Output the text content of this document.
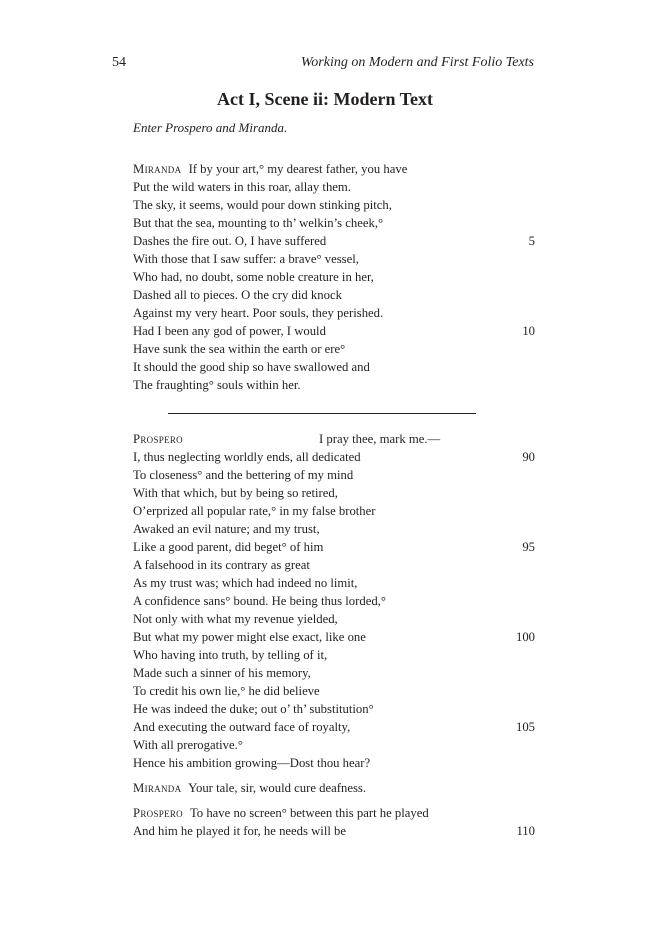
54	Working on Modern and First Folio Texts
Act I, Scene ii: Modern Text

Enter Prospero and Miranda.

Miranda If by your art,° my dearest father, you have
Put the wild waters in this roar, allay them.
The sky, it seems, would pour down stinking pitch,
But that the sea, mounting to th’ welkin’s cheek,°
Dashes the fire out. O, I have suffered	5
With those that I saw suffer: a brave° vessel,
Who had, no doubt, some noble creature in her,
Dashed all to pieces. O the cry did knock
Against my very heart. Poor souls, they perished.
Had I been any god of power, I would	10
Have sunk the sea within the earth or ere°
It should the good ship so have swallowed and
The fraughting° souls within her.
Prospero	I pray thee, mark me.—
I, thus neglecting worldly ends, all dedicated	90
To closeness° and the bettering of my mind
With that which, but by being so retired,
O’erprized all popular rate,° in my false brother
Awaked an evil nature; and my trust,
Like a good parent, did beget° of him	95
A falsehood in its contrary as great
As my trust was; which had indeed no limit,
A confidence sans° bound. He being thus lorded,°
Not only with what my revenue yielded,
But what my power might else exact, like one	100
Who having into truth, by telling of it,
Made such a sinner of his memory,
To credit his own lie,° he did believe
He was indeed the duke; out o’ th’ substitution°
And executing the outward face of royalty,	105
With all prerogative.°
Hence his ambition growing—Dost thou hear?
Miranda Your tale, sir, would cure deafness.
Prospero To have no screen° between this part he played
And him he played it for, he needs will be	110
